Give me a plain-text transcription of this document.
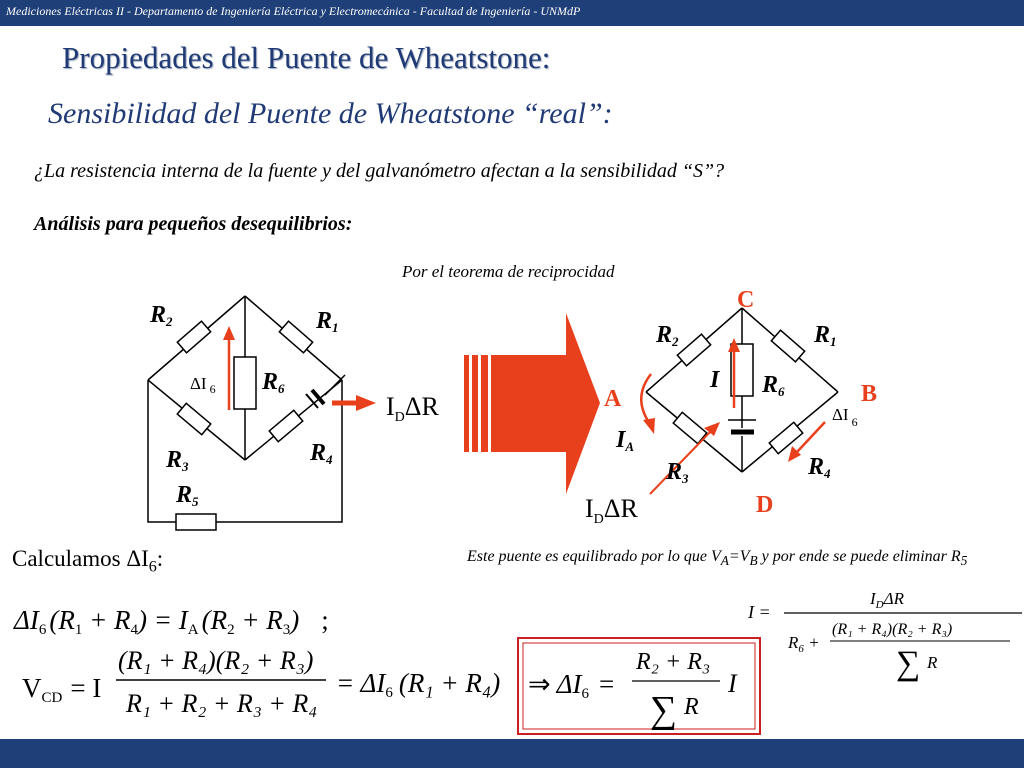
Mediciones Eléctricas II - Departamento de Ingeniería Eléctrica y Electromecánica - Facultad de Ingeniería - UNMdP
Propiedades del Puente de Wheatstone:
Sensibilidad del Puente de Wheatstone “real”:
¿La resistencia interna de la fuente y del galvanómetro afectan a la sensibilidad “S”?
Análisis para pequeños desequilibrios:
Por el teorema de reciprocidad
Calculamos $\Delta I_6$:	Este puente es equilibrado por lo que $V_A=V_B$ y por ende se puede eliminar $R_5$
R2	R1
R3
R4
R5
R6
ΔI $_6$
$I_D\Delta R$
C
A	B
D
R2	R1
R3	R4
R6
I
IA
ΔI $_6$
$I_D\Delta R$
ΔI6 (R1 + R4) = IA (R2 + R3) ;	I =
$I_D\Delta R$
$R_6$ +
(R₁ + R₄)(R₂ + R₃)
∑ R
VCD = I
(R₁ + R₄)(R₂ + R₃)
R₁ + R₂ + R₃ + R₄
= ΔI6 (R₁ + R₄) ⇒ ΔI6 =
R₂ + R₃
∑ R
I
